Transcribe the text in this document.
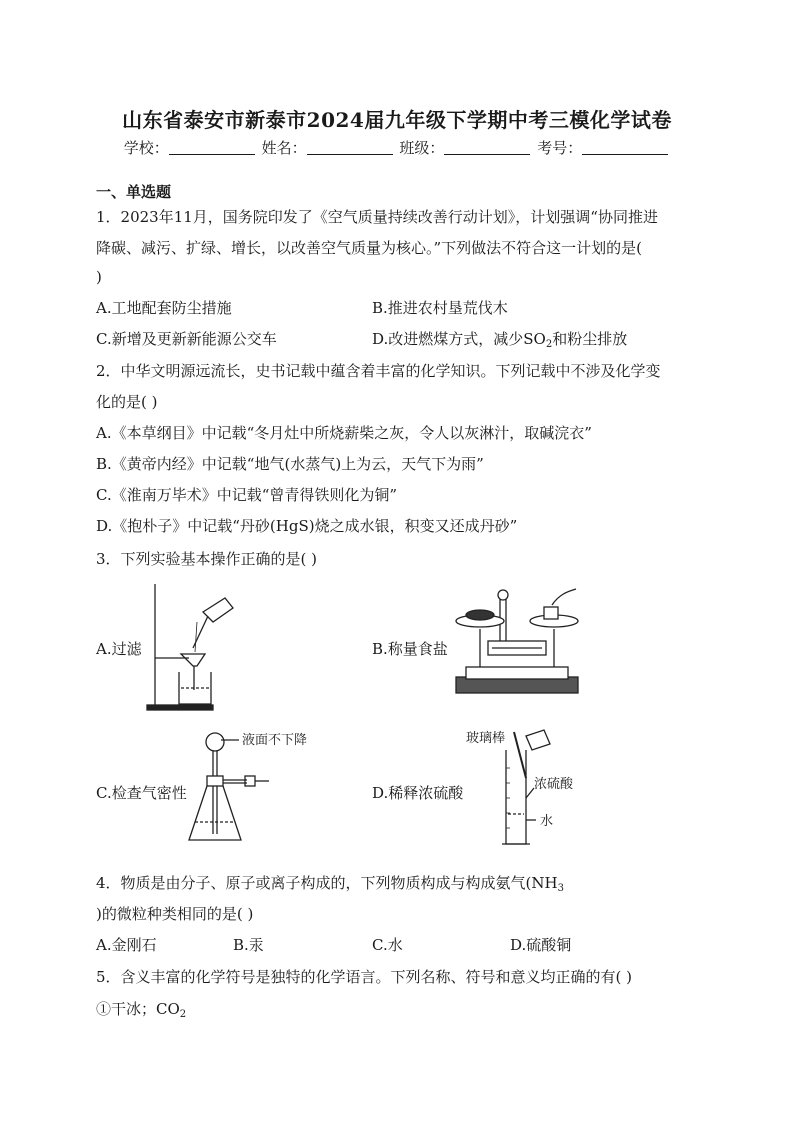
山东省泰安市新泰市2024届九年级下学期中考三模化学试卷
学校：	姓名：	班级：	考号：
一、单选题
1．2023年11月，国务院印发了《空气质量持续改善行动计划》，计划强调“协同推进
降碳、减污、扩绿、增长，以改善空气质量为核心。”下列做法不符合这一计划的是(
)
A.工地配套防尘措施	B.推进农村垦荒伐木
C.新增及更新新能源公交车	D.改进燃煤方式，减少$SO_2$和粉尘排放
2．中华文明源远流长，史书记载中蕴含着丰富的化学知识。下列记载中不涉及化学变
化的是( )
A.《本草纲目》中记载“冬月灶中所烧薪柴之灰，令人以灰淋汁，取碱浣衣”
B.《黄帝内经》中记载“地气(水蒸气)上为云，天气下为雨”
C.《淮南万毕术》中记载“曾青得铁则化为铜”
D.《抱朴子》中记载“丹砂(HgS)烧之成水银，积变又还成丹砂”
3．下列实验基本操作正确的是( )
A.过滤	B.称量食盐
C.检查气密性	D.稀释浓硫酸
液面不下降	玻璃棒
浓硫酸
水
4．物质是由分子、原子或离子构成的，下列物质构成与构成氨气($NH_3$
)的微粒种类相同的是( )
A.金刚石	B.汞	C.水	D.硫酸铜
5．含义丰富的化学符号是独特的化学语言。下列名称、符号和意义均正确的有( )
①干冰；$CO_2$
